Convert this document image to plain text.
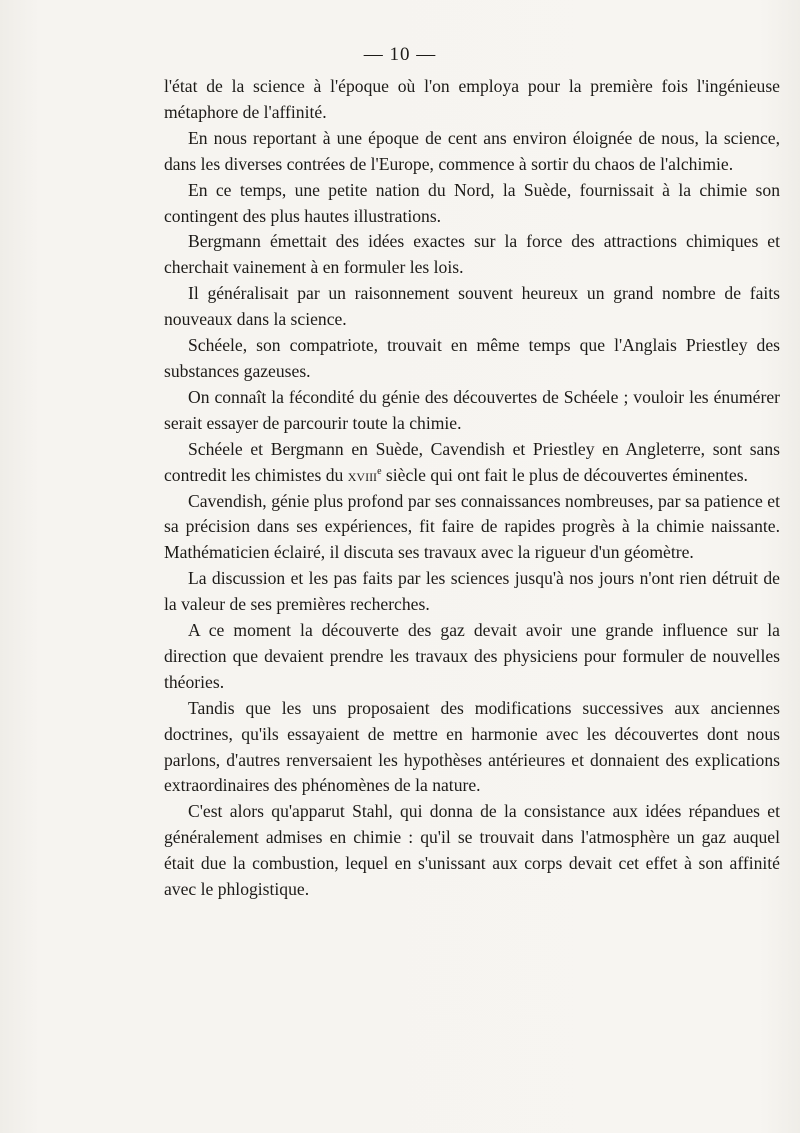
— 10 —

l'état de la science à l'époque où l'on employa pour la première fois l'ingénieuse métaphore de l'affinité.

En nous reportant à une époque de cent ans environ éloignée de nous, la science, dans les diverses contrées de l'Europe, commence à sortir du chaos de l'alchimie.

En ce temps, une petite nation du Nord, la Suède, fournissait à la chimie son contingent des plus hautes illustrations.

Bergmann émettait des idées exactes sur la force des attractions chimiques et cherchait vainement à en formuler les lois.

Il généralisait par un raisonnement souvent heureux un grand nombre de faits nouveaux dans la science.

Schéele, son compatriote, trouvait en même temps que l'Anglais Priestley des substances gazeuses.

On connaît la fécondité du génie des découvertes de Schéele ; vouloir les énumérer serait essayer de parcourir toute la chimie.

Schéele et Bergmann en Suède, Cavendish et Priestley en Angleterre, sont sans contredit les chimistes du xviii$^e$ siècle qui ont fait le plus de découvertes éminentes.

Cavendish, génie plus profond par ses connaissances nombreuses, par sa patience et sa précision dans ses expériences, fit faire de rapides progrès à la chimie naissante. Mathématicien éclairé, il discuta ses travaux avec la rigueur d'un géomètre.

La discussion et les pas faits par les sciences jusqu'à nos jours n'ont rien détruit de la valeur de ses premières recherches.

A ce moment la découverte des gaz devait avoir une grande influence sur la direction que devaient prendre les travaux des physiciens pour formuler de nouvelles théories.

Tandis que les uns proposaient des modifications successives aux anciennes doctrines, qu'ils essayaient de mettre en harmonie avec les découvertes dont nous parlons, d'autres renversaient les hypothèses antérieures et donnaient des explications extraordinaires des phénomènes de la nature.

C'est alors qu'apparut Stahl, qui donna de la consistance aux idées répandues et généralement admises en chimie : qu'il se trouvait dans l'atmosphère un gaz auquel était due la combustion, lequel en s'unissant aux corps devait cet effet à son affinité avec le phlogistique.
